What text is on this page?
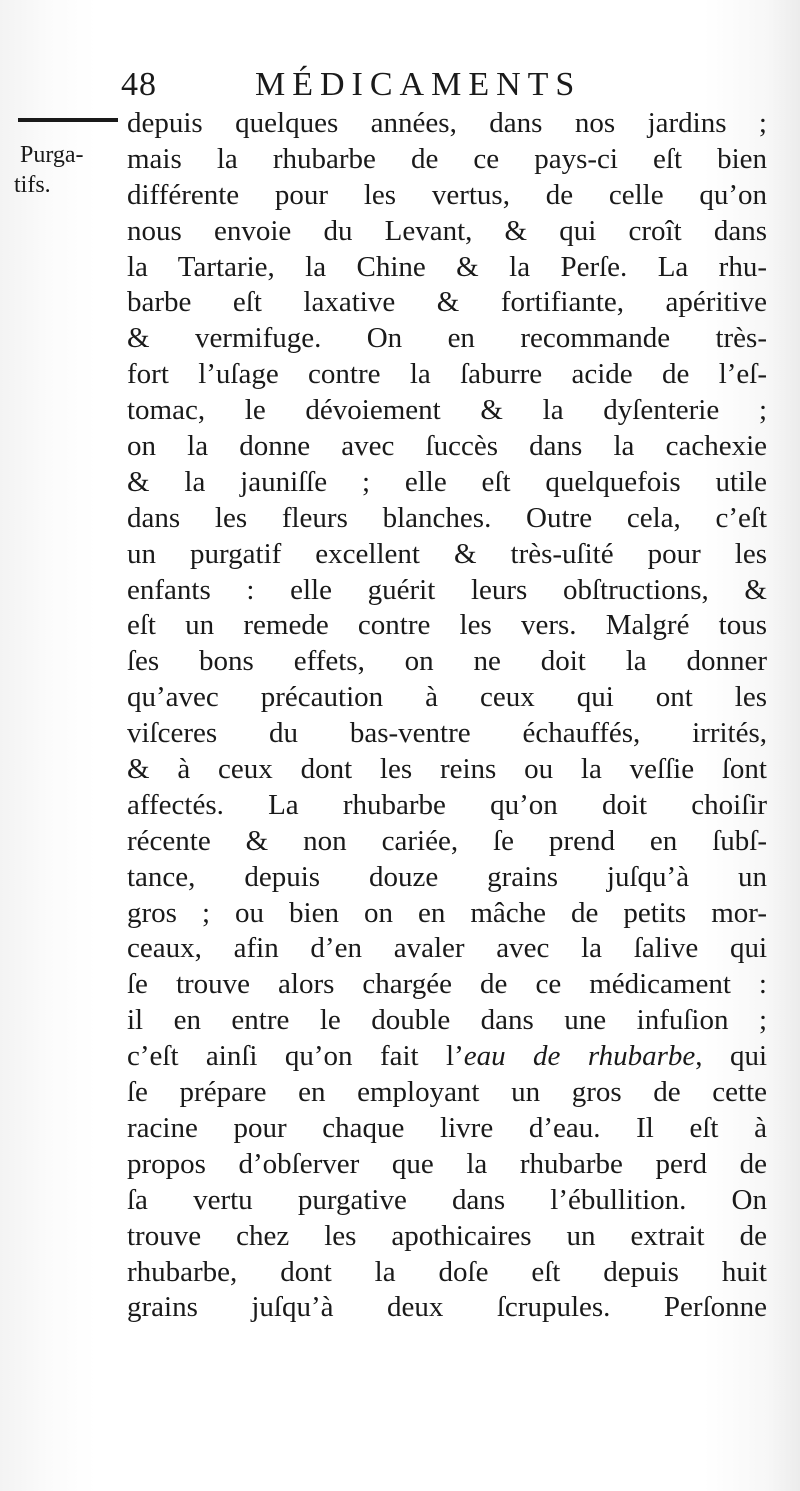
48	MÉDICAMENTS
Purga-
tifs.
depuis quelques années, dans nos jardins ;
mais la rhubarbe de ce pays-ci eſt bien
différente pour les vertus, de celle qu’on
nous envoie du Levant, & qui croît dans
la Tartarie, la Chine & la Perſe. La rhu-
barbe eſt laxative & fortifiante, apéritive
& vermifuge. On en recommande très-
fort l’uſage contre la ſaburre acide de l’eſ-
tomac, le dévoiement & la dyſenterie ;
on la donne avec ſuccès dans la cachexie
& la jauniſſe ; elle eſt quelquefois utile
dans les fleurs blanches. Outre cela, c’eſt
un purgatif excellent & très-uſité pour les
enfants : elle guérit leurs obſtructions, &
eſt un remede contre les vers. Malgré tous
ſes bons effets, on ne doit la donner
qu’avec précaution à ceux qui ont les
viſceres du bas-ventre échauffés, irrités,
& à ceux dont les reins ou la veſſie ſont
affectés. La rhubarbe qu’on doit choiſir
récente & non cariée, ſe prend en ſubſ-
tance, depuis douze grains juſqu’à un
gros ; ou bien on en mâche de petits mor-
ceaux, afin d’en avaler avec la ſalive qui
ſe trouve alors chargée de ce médicament :
il en entre le double dans une infuſion ;
c’eſt ainſi qu’on fait l’eau de rhubarbe, qui
ſe prépare en employant un gros de cette
racine pour chaque livre d’eau. Il eſt à
propos d’obſerver que la rhubarbe perd de
ſa vertu purgative dans l’ébullition. On
trouve chez les apothicaires un extrait de
rhubarbe, dont la doſe eſt depuis huit
grains juſqu’à deux ſcrupules. Perſonne
